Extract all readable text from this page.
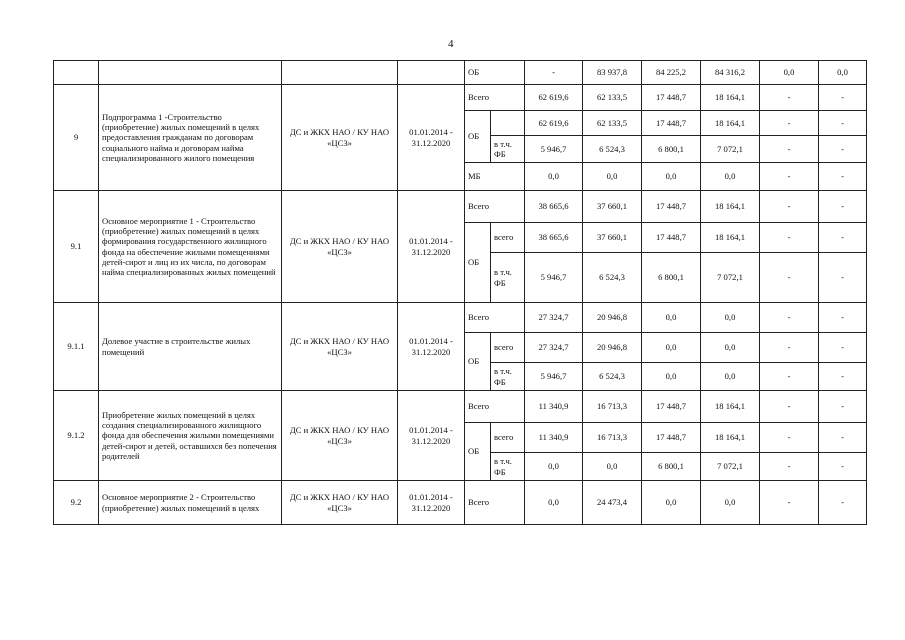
4
				ОБ		-	83 937,8	84 225,2	84 316,2	0,0	0,0
9	Подпрограмма 1 -Строительство (приобретение) жилых помещений в целях предоставления гражданам по договорам социального найма и договорам найма специализированного жилого помещения	ДС и ЖКХ НАО / КУ НАО «ЦСЗ»	01.01.2014 - 31.12.2020	Всего		62 619,6	62 133,5	17 448,7	18 164,1	-	-
				ОБ		62 619,6	62 133,5	17 448,7	18 164,1	-	-
					в т.ч. ФБ	5 946,7	6 524,3	6 800,1	7 072,1	-	-
				МБ		0,0	0,0	0,0	0,0	-	-
9.1	Основное мероприятие 1 - Строительство (приобретение) жилых помещений в целях формирования государственного жилищного фонда на обеспечение жилыми помещениями детей-сирот и лиц из их числа, по договорам найма специализированных жилых помещений	ДС и ЖКХ НАО / КУ НАО «ЦСЗ»	01.01.2014 - 31.12.2020	Всего		38 665,6	37 660,1	17 448,7	18 164,1	-	-
				ОБ	всего	38 665,6	37 660,1	17 448,7	18 164,1	-	-
					в т.ч. ФБ	5 946,7	6 524,3	6 800,1	7 072,1	-	-
9.1.1	Долевое участие в строительстве жилых помещений	ДС и ЖКХ НАО / КУ НАО «ЦСЗ»	01.01.2014 - 31.12.2020	Всего		27 324,7	20 946,8	0,0	0,0	-	-
				ОБ	всего	27 324,7	20 946,8	0,0	0,0	-	-
					в т.ч. ФБ	5 946,7	6 524,3	0,0	0,0	-	-
9.1.2	Приобретение жилых помещений в целях создания специализированного жилищного фонда для обеспечения жилыми помещениями детей-сирот и детей, оставшихся без попечения родителей	ДС и ЖКХ НАО / КУ НАО «ЦСЗ»	01.01.2014 - 31.12.2020	Всего		11 340,9	16 713,3	17 448,7	18 164,1	-	-
				ОБ	всего	11 340,9	16 713,3	17 448,7	18 164,1	-	-
					в т.ч. ФБ	0,0	0,0	6 800,1	7 072,1	-	-
9.2	Основное мероприятие 2 - Строительство (приобретение) жилых помещений в целях	ДС и ЖКХ НАО / КУ НАО «ЦСЗ»	01.01.2014 - 31.12.2020	Всего		0,0	24 473,4	0,0	0,0	-	-
